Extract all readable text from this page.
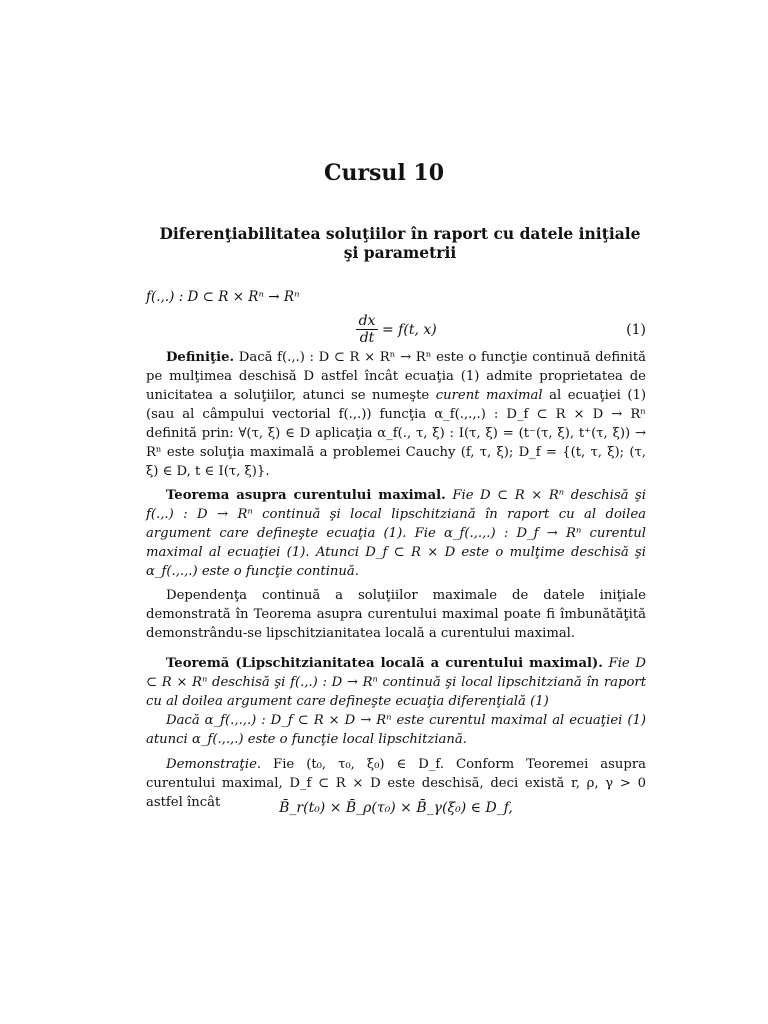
Cursul 10
Diferenţiabilitatea soluţiilor în raport cu datele iniţiale
şi parametrii
f(.,.) : D ⊂ R × Rⁿ → Rⁿ
$\frac{dx}{dt} = f(t$, x)	(1)
Definiţie. Dacă f(.,.) : D ⊂ R × Rⁿ → Rⁿ este o funcţie continuă definită pe mulţimea deschisă D astfel încât ecuaţia (1) admite proprietatea de unicitatea a soluţiilor, atunci se numeşte curent maximal al ecuaţiei (1) (sau al câmpului vectorial f(.,.)) funcţia α_f(.,.,.) : D_f ⊂ R × D → Rⁿ definită prin: ∀(τ, ξ) ∈ D aplicaţia α_f(., τ, ξ) : I(τ, ξ) = (t⁻(τ, ξ), t⁺(τ, ξ)) → Rⁿ este soluţia maximală a problemei Cauchy (f, τ, ξ); D_f = {(t, τ, ξ); (τ, ξ) ∈ D, t ∈ I(τ, ξ)}.
Teorema asupra curentului maximal. Fie D ⊂ R × Rⁿ deschisă şi f(.,.) : D → Rⁿ continuă şi local lipschitziană în raport cu al doilea argument care defineşte ecuaţia (1). Fie α_f(.,.,.) : D_f → Rⁿ curentul maximal al ecuaţiei (1). Atunci D_f ⊂ R × D este o mulţime deschisă şi α_f(.,.,.) este o funcţie continuă.
Dependenţa continuă a soluţiilor maximale de datele iniţiale demonstrată în Teorema asupra curentului maximal poate fi îmbunătăţită demonstrându-se lipschitzianitatea locală a curentului maximal.
Teoremă (Lipschitzianitatea locală a curentului maximal). Fie D ⊂ R × Rⁿ deschisă şi f(.,.) : D → Rⁿ continuă şi local lipschitziană în raport cu al doilea argument care defineşte ecuaţia diferenţială (1)
Dacă α_f(.,.,.) : D_f ⊂ R × D → Rⁿ este curentul maximal al ecuaţiei (1) atunci α_f(.,.,.) este o funcţie local lipschitziană.
Demonstraţie. Fie (t₀, τ₀, ξ₀) ∈ D_f. Conform Teoremei asupra curentului maximal, D_f ⊂ R × D este deschisă, deci există r, ρ, γ > 0 astfel încât	B̄_r(t₀) × B̄_ρ(τ₀) × B̄_γ(ξ₀) ∈ D_f,
